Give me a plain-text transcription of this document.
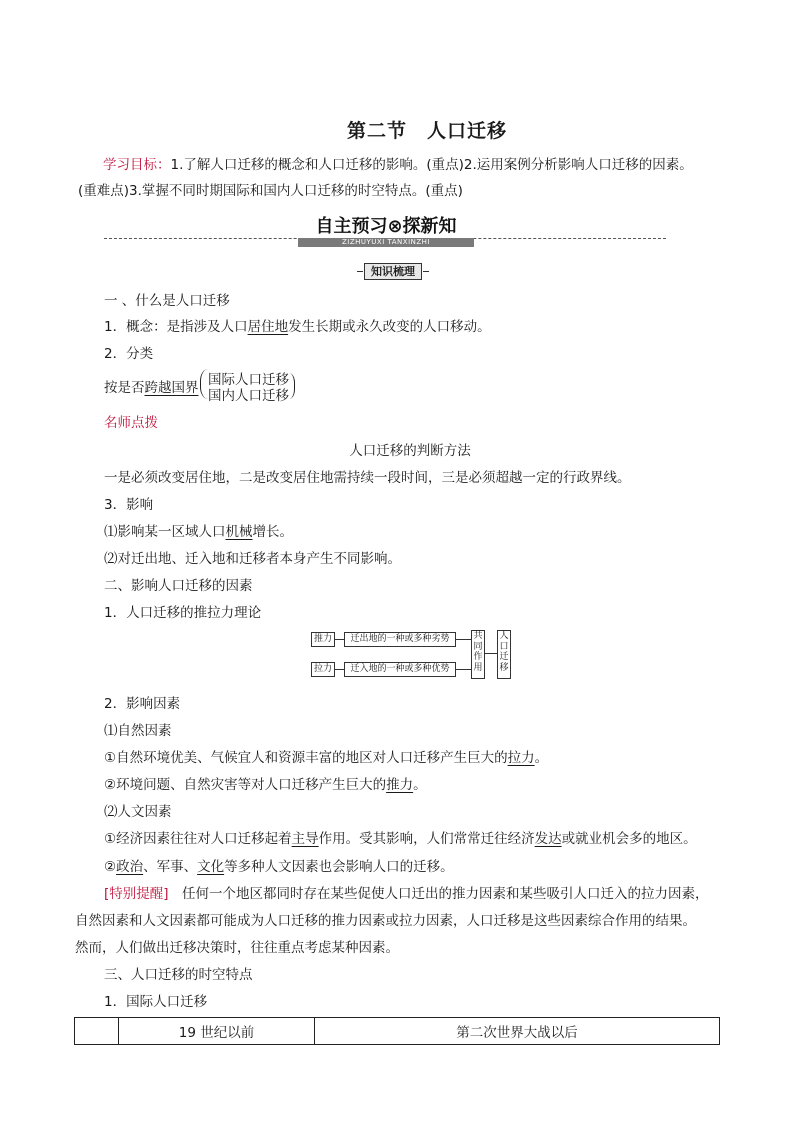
第二节　人口迁移
学习目标：1.了解人口迁移的概念和人口迁移的影响。(重点)2.运用案例分析影响人口迁移的因素。
(重难点)3.掌握不同时期国际和国内人口迁移的时空特点。(重点)
自主预习⊗探新知
ZIZHUYUXI TANXINZHI
知识梳理
一 、什么是人口迁移
1．概念：是指涉及人口居住地发生长期或永久改变的人口移动。
2．分类
按是否跨越国界 国际人口迁移
国内人口迁移
名师点拨
人口迁移的判断方法
一是必须改变居住地，二是改变居住地需持续一段时间，三是必须超越一定的行政界线。
3．影响
⑴影响某一区域人口机械增长。
⑵对迁出地、迁入地和迁移者本身产生不同影响。
二、影响人口迁移的因素
1．人口迁移的推拉力理论
推力	迁出地的一种或多种劣势
拉力	迁入地的一种或多种优势
共同作用
人口迁移
2．影响因素
⑴自然因素
①自然环境优美、气候宜人和资源丰富的地区对人口迁移产生巨大的拉力。
②环境问题、自然灾害等对人口迁移产生巨大的推力。
⑵人文因素
①经济因素往往对人口迁移起着主导作用。受其影响，人们常常迁往经济发达或就业机会多的地区。
②政治、军事、文化等多种人文因素也会影响人口的迁移。
[特别提醒]　任何一个地区都同时存在某些促使人口迁出的推力因素和某些吸引人口迁入的拉力因素，
自然因素和人文因素都可能成为人口迁移的推力因素或拉力因素，人口迁移是这些因素综合作用的结果。
然而，人们做出迁移决策时，往往重点考虑某种因素。
三、人口迁移的时空特点
1．国际人口迁移
	19 世纪以前	第二次世界大战以后
